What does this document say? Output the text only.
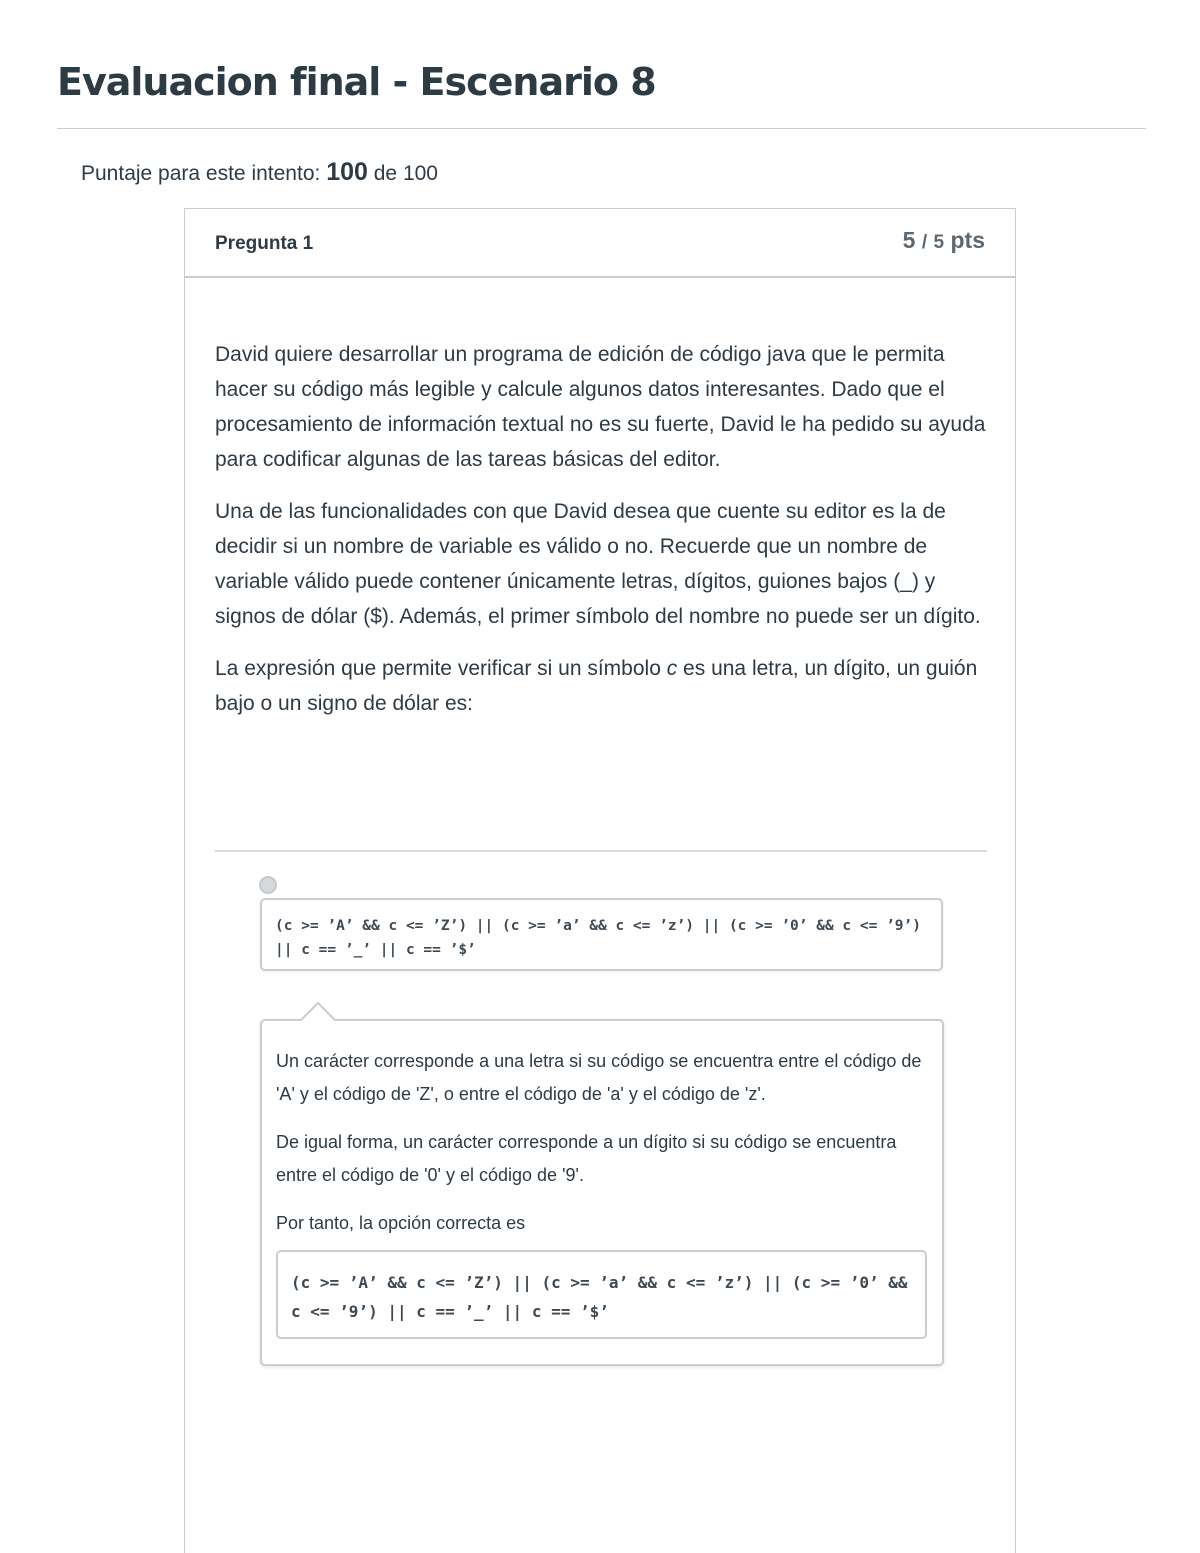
Evaluacion final - Escenario 8
Puntaje para este intento: 100 de 100
Pregunta 1	5 / 5 pts

David quiere desarrollar un programa de edición de código java que le permita hacer su código más legible y calcule algunos datos interesantes. Dado que el procesamiento de información textual no es su fuerte, David le ha pedido su ayuda para codificar algunas de las tareas básicas del editor.

Una de las funcionalidades con que David desea que cuente su editor es la de decidir si un nombre de variable es válido o no. Recuerde que un nombre de variable válido puede contener únicamente letras, dígitos, guiones bajos (_) y signos de dólar ($). Además, el primer símbolo del nombre no puede ser un dígito.

La expresión que permite verificar si un símbolo c es una letra, un dígito, un guión bajo o un signo de dólar es:

(c >= ’A’ && c <= ’Z’) || (c >= ’a’ && c <= ’z’) || (c >= ’0’ && c <= ’9’) || c == ’_’ || c == ’$’

Un carácter corresponde a una letra si su código se encuentra entre el código de 'A' y el código de 'Z', o entre el código de 'a' y el código de 'z'.

De igual forma, un carácter corresponde a un dígito si su código se encuentra entre el código de '0' y el código de '9'.

Por tanto, la opción correcta es

(c >= ’A’ && c <= ’Z’) || (c >= ’a’ && c <= ’z’) || (c >= ’0’ && c <= ’9’) || c == ’_’ || c == ’$’
